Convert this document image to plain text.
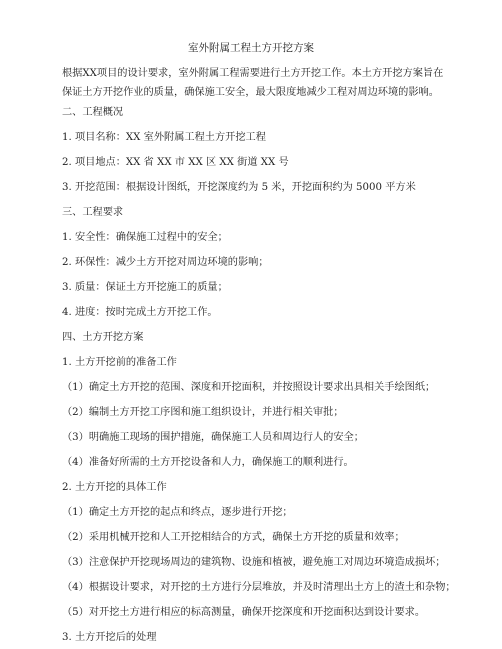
室外附属工程土方开挖方案
根据XX项目的设计要求，室外附属工程需要进行土方开挖工作。本土方开挖方案旨在保证土方开挖作业的质量，确保施工安全，最大限度地减少工程对周边环境的影响。
二、工程概况
1. 项目名称：XX 室外附属工程土方开挖工程
2. 项目地点：XX 省 XX 市 XX 区 XX 街道 XX 号
3. 开挖范围：根据设计图纸，开挖深度约为 5 米，开挖面积约为 5000 平方米
三、工程要求
1. 安全性：确保施工过程中的安全；
2. 环保性：减少土方开挖对周边环境的影响；
3. 质量：保证土方开挖施工的质量；
4. 进度：按时完成土方开挖工作。
四、土方开挖方案
1. 土方开挖前的准备工作
（1）确定土方开挖的范围、深度和开挖面积，并按照设计要求出具相关手绘图纸；
（2）编制土方开挖工序图和施工组织设计，并进行相关审批；
（3）明确施工现场的围护措施，确保施工人员和周边行人的安全；
（4）准备好所需的土方开挖设备和人力，确保施工的顺利进行。
2. 土方开挖的具体工作
（1）确定土方开挖的起点和终点，逐步进行开挖；
（2）采用机械开挖和人工开挖相结合的方式，确保土方开挖的质量和效率；
（3）注意保护开挖现场周边的建筑物、设施和植被，避免施工对周边环境造成损坏；
（4）根据设计要求，对开挖的土方进行分层堆放，并及时清理出土方上的渣土和杂物；
（5）对开挖土方进行相应的标高测量，确保开挖深度和开挖面积达到设计要求。
3. 土方开挖后的处理
